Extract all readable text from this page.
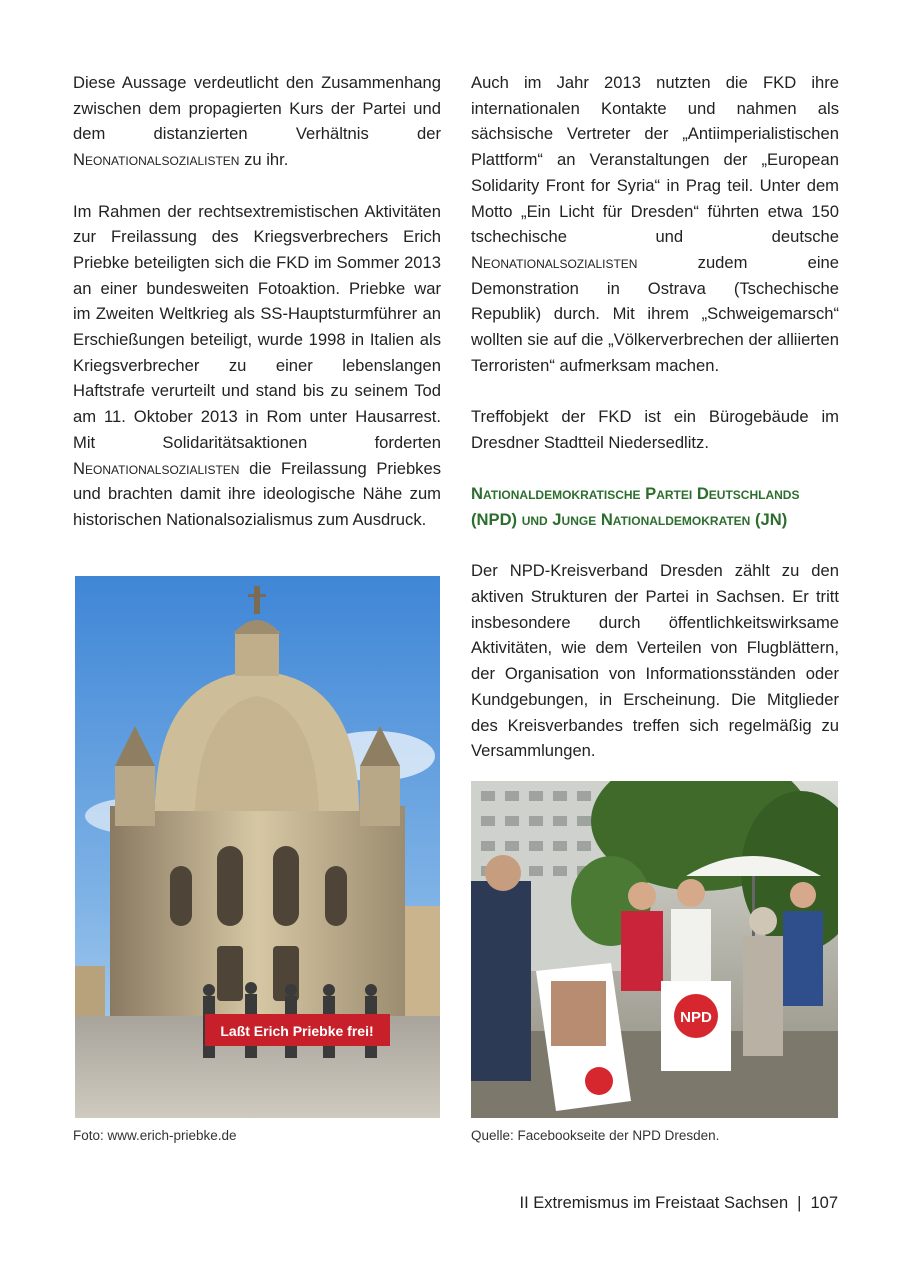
Diese Aussage verdeutlicht den Zusammenhang zwischen dem propagierten Kurs der Partei und dem distanzierten Verhältnis der Neonationalsozialisten zu ihr.

Im Rahmen der rechtsextremistischen Aktivitäten zur Freilassung des Kriegsverbrechers Erich Priebke beteiligten sich die FKD im Sommer 2013 an einer bundesweiten Fotoaktion. Priebke war im Zweiten Weltkrieg als SS-Hauptsturmführer an Erschießungen beteiligt, wurde 1998 in Italien als Kriegsverbrecher zu einer lebenslangen Haftstrafe verurteilt und stand bis zu seinem Tod am 11. Oktober 2013 in Rom unter Hausarrest. Mit Solidaritätsaktionen forderten Neonationalsozialisten die Freilassung Priebkes und brachten damit ihre ideologische Nähe zum historischen Nationalsozialismus zum Ausdruck.

Auch im Jahr 2013 nutzten die FKD ihre internationalen Kontakte und nahmen als sächsische Vertreter der „Antiimperialistischen Plattform“ an Veranstaltungen der „European Solidarity Front for Syria“ in Prag teil. Unter dem Motto „Ein Licht für Dresden“ führten etwa 150 tschechische und deutsche Neonationalsozialisten zudem eine Demonstration in Ostrava (Tschechische Republik) durch. Mit ihrem „Schweigemarsch“ wollten sie auf die „Völkerverbrechen der alliierten Terroristen“ aufmerksam machen.

Treffobjekt der FKD ist ein Bürogebäude im Dresdner Stadtteil Niedersedlitz.

Nationaldemokratische Partei Deutschlands (NPD) und Junge Nationaldemokraten (JN)

Der NPD-Kreisverband Dresden zählt zu den aktiven Strukturen der Partei in Sachsen. Er tritt insbesondere durch öffentlichkeitswirksame Aktivitäten, wie dem Verteilen von Flugblättern, der Organisation von Informationsständen oder Kundgebungen, in Erscheinung. Die Mitglieder des Kreisverbandes treffen sich regelmäßig zu Versammlungen.

Laßt Erich Priebke frei!
NPD
Foto: www.erich-priebke.de	Quelle: Facebookseite der NPD Dresden.
II Extremismus im Freistaat Sachsen | 107
